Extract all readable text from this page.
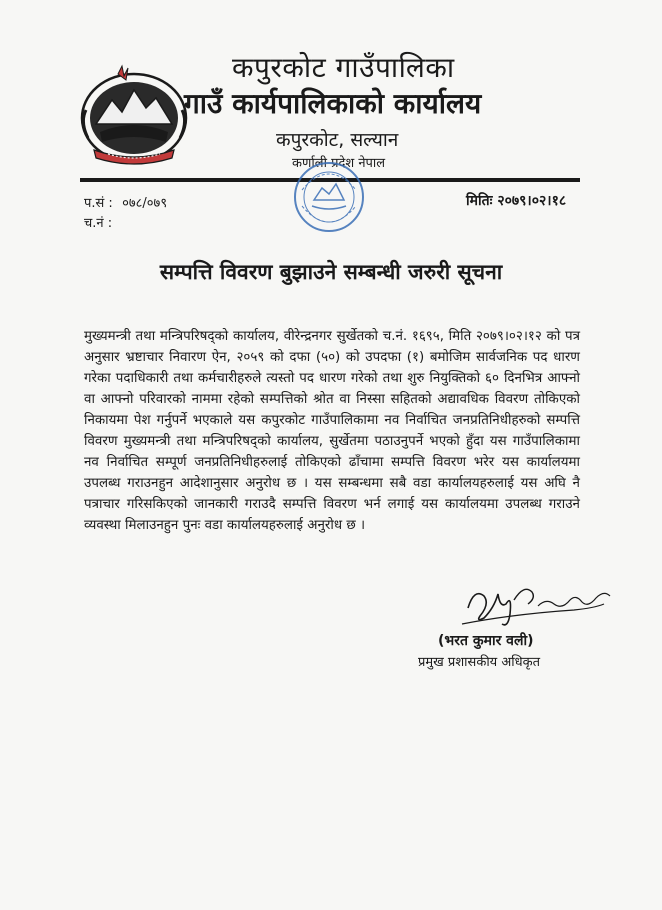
कपुरकोट गाउँपालिका
गाउँ कार्यपालिकाको कार्यालय
कपुरकोट, सल्यान
कर्णाली प्रदेश नेपाल
प.सं : ०७८/०७९
च.नं :
मितिः २०७९।०२।१८
सम्पत्ति विवरण बुझाउने सम्बन्धी जरुरी सूचना

मुख्यमन्त्री तथा मन्त्रिपरिषद्को कार्यालय, वीरेन्द्रनगर सुर्खेतको च.नं. १६९५, मिति २०७९।०२।१२ को पत्र अनुसार भ्रष्टाचार निवारण ऐन, २०५९ को दफा (५०) को उपदफा (१) बमोजिम सार्वजनिक पद धारण गरेका पदाधिकारी तथा कर्मचारीहरुले त्यस्तो पद धारण गरेको तथा शुरु नियुक्तिको ६० दिनभित्र आफ्नो वा आफ्नो परिवारको नाममा रहेको सम्पत्तिको श्रोत वा निस्सा सहितको अद्यावधिक विवरण तोकिएको निकायमा पेश गर्नुपर्ने भएकाले यस कपुरकोट गाउँपालिकामा नव निर्वाचित जनप्रतिनिधीहरुको सम्पत्ति विवरण मुख्यमन्त्री तथा मन्त्रिपरिषद्को कार्यालय, सुर्खेतमा पठाउनुपर्ने भएको हुँदा यस गाउँपालिकामा नव निर्वाचित सम्पूर्ण जनप्रतिनिधीहरुलाई तोकिएको ढाँचामा सम्पत्ति विवरण भरेर यस कार्यालयमा उपलब्ध गराउनहुन आदेशानुसार अनुरोध छ । यस सम्बन्धमा सबै वडा कार्यालयहरुलाई यस अघि नै पत्राचार गरिसकिएको जानकारी गराउदै सम्पत्ति विवरण भर्न लगाई यस कार्यालयमा उपलब्ध गराउने व्यवस्था मिलाउनहुन पुनः वडा कार्यालयहरुलाई अनुरोध छ ।

(भरत कुमार वली)
प्रमुख प्रशासकीय अधिकृत
